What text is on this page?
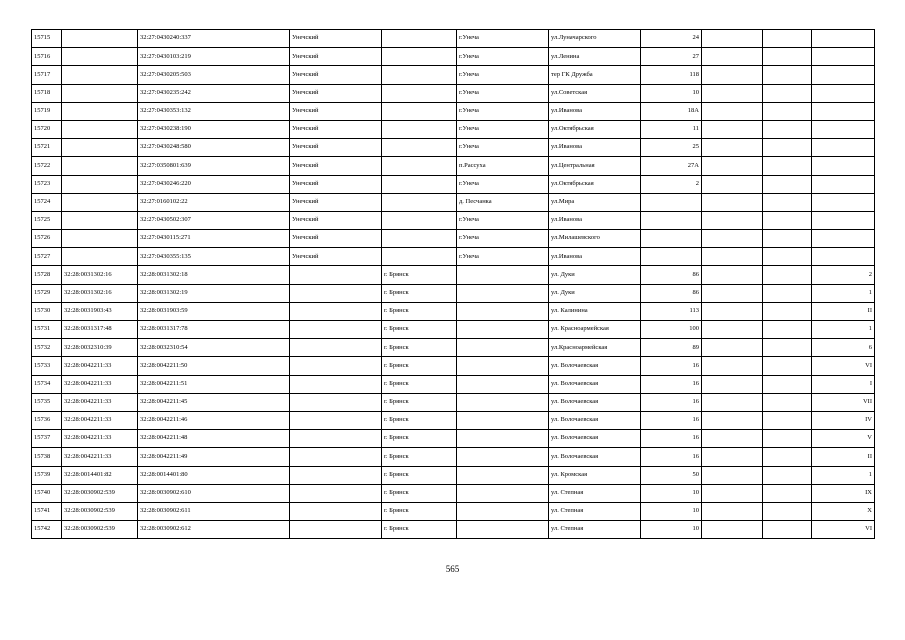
15715		32:27:0430240:337	Унечский		г.Унеча	ул.Луначарского	24			
15716		32:27:0430103:219	Унечский		г.Унеча	ул.Ленина	27			
15717		32:27:0430205:503	Унечский		г.Унеча	тер ГК Дружба	118			
15718		32:27:0430235:242	Унечский		г.Унеча	ул.Советская	10			
15719		32:27:0430353:132	Унечский		г.Унеча	ул.Иванова	18А			
15720		32:27:0430238:190	Унечский		г.Унеча	ул.Октябрьская	11			
15721		32:27:0430248:580	Унечский		г.Унеча	ул.Иванова	25			
15722		32:27:0350801:639	Унечский		п.Рассуха	ул.Центральная	27А			
15723		32:27:0430246:220	Унечский		г.Унеча	ул.Октябрьская	2			
15724		32:27:0160102:22	Унечский		д. Песчанка	ул.Мира				
15725		32:27:0430502:307	Унечский		г.Унеча	ул.Иванова				
15726		32:27:0430115:271	Унечский		г.Унеча	ул.Милашевского				
15727		32:27:0430355:135	Унечский		г.Унеча	ул.Иванова				
15728	32:28:0031302:16	32:28:0031302:18		г. Брянск		ул. Дуки	86			2
15729	32:28:0031302:16	32:28:0031302:19		г. Брянск		ул. Дуки	86			1
15730	32:28:0031903:43	32:28:0031903:59		г. Брянск		ул. Калинина	113			II
15731	32:28:0031317:48	32:28:0031317:78		г. Брянск		ул. Красноармейская	100			1
15732	32:28:0032310:39	32:28:0032310:54		г. Брянск		ул.Красноармейская	89			6
15733	32:28:0042211:33	32:28:0042211:50		г. Брянск		ул. Волочаевская	16			VI
15734	32:28:0042211:33	32:28:0042211:51		г. Брянск		ул. Волочаевская	16			I
15735	32:28:0042211:33	32:28:0042211:45		г. Брянск		ул. Волочаевская	16			VII
15736	32:28:0042211:33	32:28:0042211:46		г. Брянск		ул. Волочаевская	16			IV
15737	32:28:0042211:33	32:28:0042211:48		г. Брянск		ул. Волочаевская	16			V
15738	32:28:0042211:33	32:28:0042211:49		г. Брянск		ул. Волочаевская	16			II
15739	32:28:0014401:82	32:28:0014401:80		г. Брянск		ул. Кромская	50			1
15740	32:28:0030902:539	32:28:0030902:610		г. Брянск		ул. Степная	10			IX
15741	32:28:0030902:539	32:28:0030902:611		г. Брянск		ул. Степная	10			X
15742	32:28:0030902:539	32:28:0030902:612		г. Брянск		ул. Степная	10			VI
565
